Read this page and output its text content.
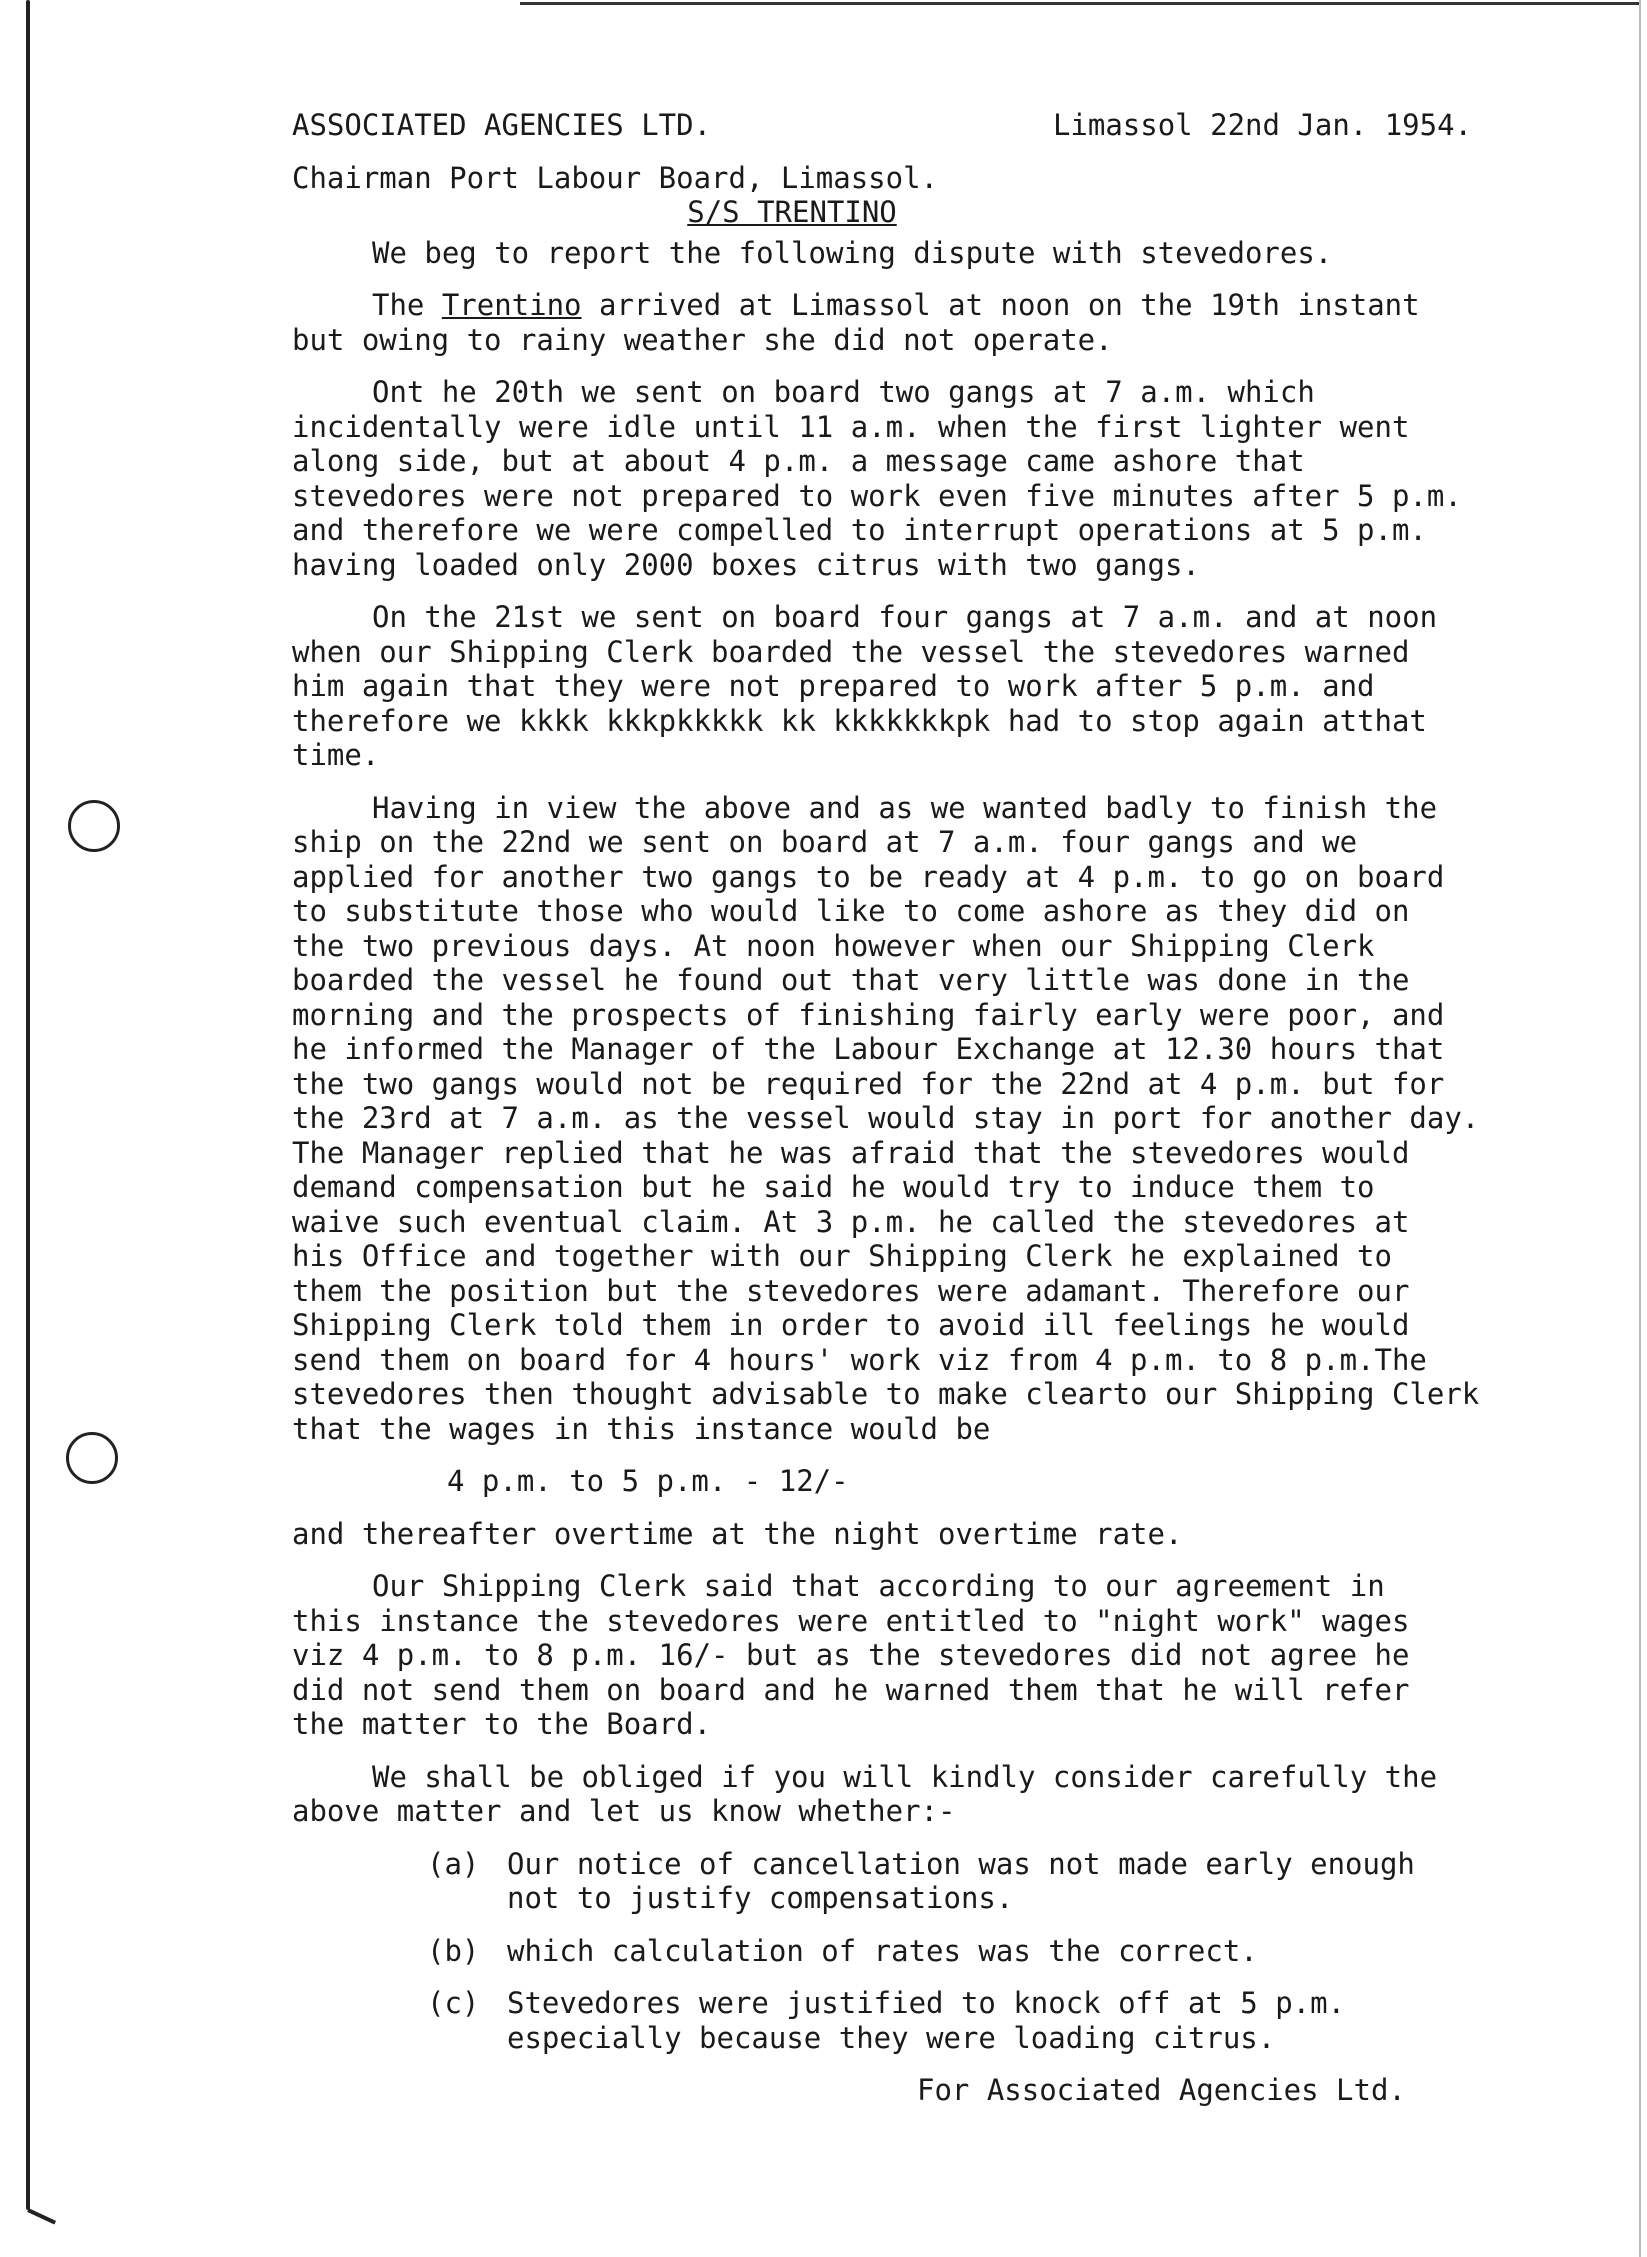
ASSOCIATED AGENCIES LTD.	Limassol 22nd Jan. 1954.
Chairman Port Labour Board, Limassol.
S/S TRENTINO
We beg to report the following dispute with stevedores.
The Trentino arrived at Limassol at noon on the 19th instant
but owing to rainy weather she did not operate.
Ont he 20th we sent on board two gangs at 7 a.m. which
incidentally were idle until 11 a.m. when the first lighter went
along side, but at about 4 p.m. a message came ashore that
stevedores were not prepared to work even five minutes after 5 p.m.
and therefore we were compelled to interrupt operations at 5 p.m.
having loaded only 2000 boxes citrus with two gangs.
On the 21st we sent on board four gangs at 7 a.m. and at noon
when our Shipping Clerk boarded the vessel the stevedores warned
him again that they were not prepared to work after 5 p.m. and
therefore we kkkk kkkpkkkkk kk kkkkkkkpk had to stop again atthat
time.
Having in view the above and as we wanted badly to finish the
ship on the 22nd we sent on board at 7 a.m. four gangs and we
applied for another two gangs to be ready at 4 p.m. to go on board
to substitute those who would like to come ashore as they did on
the two previous days. At noon however when our Shipping Clerk
boarded the vessel he found out that very little was done in the
morning and the prospects of finishing fairly early were poor, and
he informed the Manager of the Labour Exchange at 12.30 hours that
the two gangs would not be required for the 22nd at 4 p.m. but for
the 23rd at 7 a.m. as the vessel would stay in port for another day.
The Manager replied that he was afraid that the stevedores would
demand compensation but he said he would try to induce them to
waive such eventual claim. At 3 p.m. he called the stevedores at
his Office and together with our Shipping Clerk he explained to
them the position but the stevedores were adamant. Therefore our
Shipping Clerk told them in order to avoid ill feelings he would
send them on board for 4 hours' work viz from 4 p.m. to 8 p.m.The
stevedores then thought advisable to make clearto our Shipping Clerk
that the wages in this instance would be
4 p.m. to 5 p.m. - 12/-
and thereafter overtime at the night overtime rate.
Our Shipping Clerk said that according to our agreement in
this instance the stevedores were entitled to "night work" wages
viz 4 p.m. to 8 p.m. 16/- but as the stevedores did not agree he
did not send them on board and he warned them that he will refer
the matter to the Board.
We shall be obliged if you will kindly consider carefully the
above matter and let us know whether:-
(a) Our notice of cancellation was not made early enough
not to justify compensations.
(b) which calculation of rates was the correct.
(c) Stevedores were justified to knock off at 5 p.m.
especially because they were loading citrus.
For Associated Agencies Ltd.
